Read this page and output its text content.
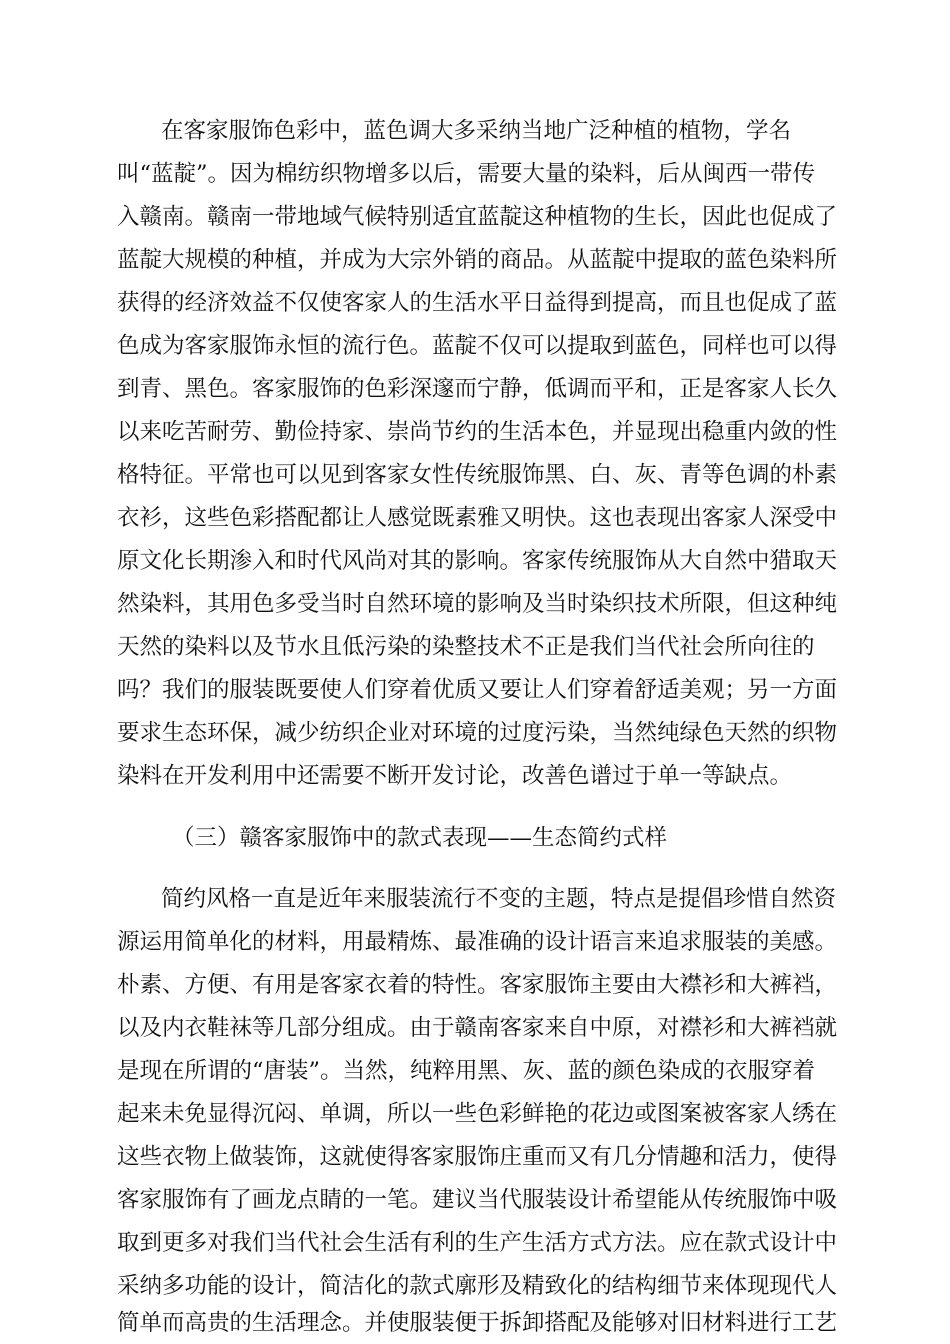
在客家服饰色彩中，蓝色调大多采纳当地广泛种植的植物，学名
叫“蓝靛”。因为棉纺织物增多以后，需要大量的染料，后从闽西一带传
入赣南。赣南一带地域气候特别适宜蓝靛这种植物的生长，因此也促成了
蓝靛大规模的种植，并成为大宗外销的商品。从蓝靛中提取的蓝色染料所
获得的经济效益不仅使客家人的生活水平日益得到提高，而且也促成了蓝
色成为客家服饰永恒的流行色。蓝靛不仅可以提取到蓝色，同样也可以得
到青、黑色。客家服饰的色彩深邃而宁静，低调而平和，正是客家人长久
以来吃苦耐劳、勤俭持家、崇尚节约的生活本色，并显现出稳重内敛的性
格特征。平常也可以见到客家女性传统服饰黑、白、灰、青等色调的朴素
衣衫，这些色彩搭配都让人感觉既素雅又明快。这也表现出客家人深受中
原文化长期渗入和时代风尚对其的影响。客家传统服饰从大自然中猎取天
然染料，其用色多受当时自然环境的影响及当时染织技术所限，但这种纯
天然的染料以及节水且低污染的染整技术不正是我们当代社会所向往的
吗？我们的服装既要使人们穿着优质又要让人们穿着舒适美观；另一方面
要求生态环保，减少纺织企业对环境的过度污染，当然纯绿色天然的织物
染料在开发利用中还需要不断开发讨论，改善色谱过于单一等缺点。
（三）赣客家服饰中的款式表现——生态简约式样
简约风格一直是近年来服装流行不变的主题，特点是提倡珍惜自然资
源运用简单化的材料，用最精炼、最准确的设计语言来追求服装的美感。
朴素、方便、有用是客家衣着的特性。客家服饰主要由大襟衫和大裤裆，
以及内衣鞋袜等几部分组成。由于赣南客家来自中原，对襟衫和大裤裆就
是现在所谓的“唐装”。当然，纯粹用黑、灰、蓝的颜色染成的衣服穿着
起来未免显得沉闷、单调，所以一些色彩鲜艳的花边或图案被客家人绣在
这些衣物上做装饰，这就使得客家服饰庄重而又有几分情趣和活力，使得
客家服饰有了画龙点睛的一笔。建议当代服装设计希望能从传统服饰中吸
取到更多对我们当代社会生活有利的生产生活方式方法。应在款式设计中
采纳多功能的设计，简洁化的款式廓形及精致化的结构细节来体现现代人
简单而高贵的生活理念。并使服装便于拆卸搭配及能够对旧材料进行工艺
